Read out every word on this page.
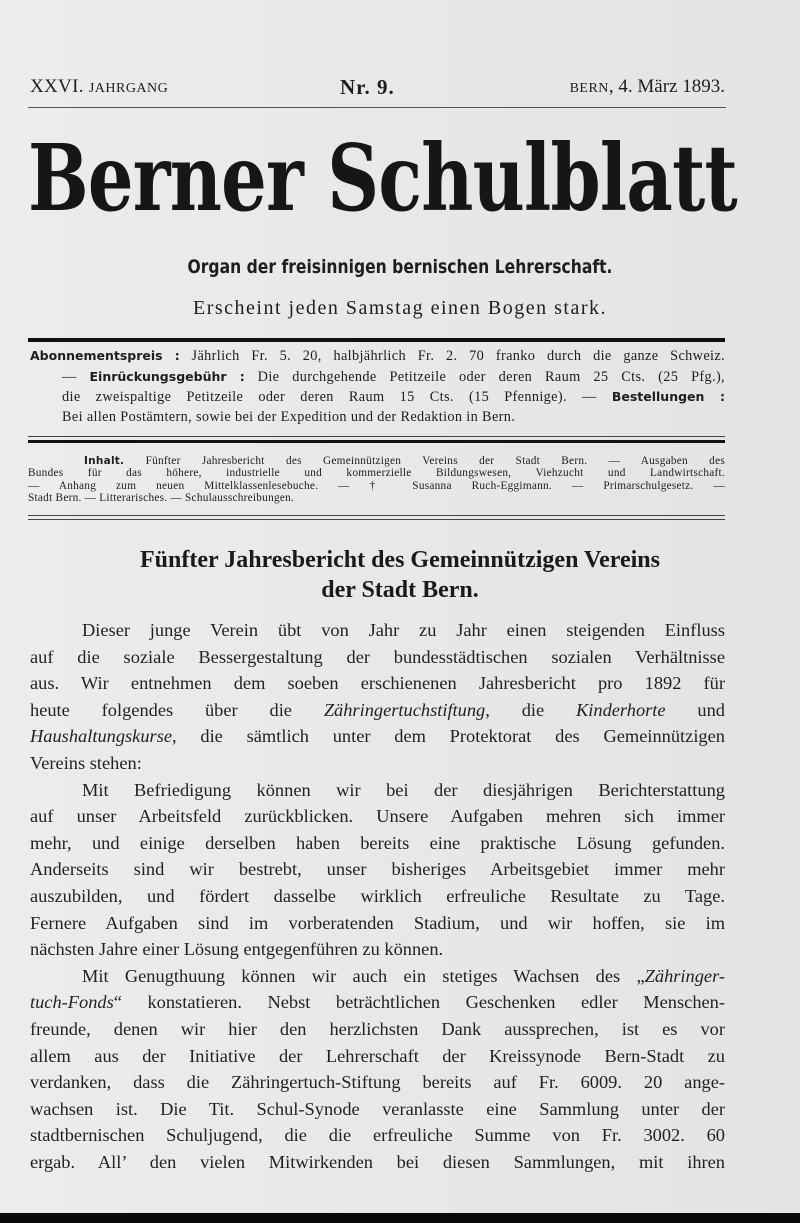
XXVI. JAHRGANG	Nr. 9.	BERN, 4. März 1893.
Berner Schulblatt
Organ der freisinnigen bernischen Lehrerschaft.
Erscheint jeden Samstag einen Bogen stark.
Abonnementspreis : Jährlich Fr. 5. 20, halbjährlich Fr. 2. 70 franko durch die ganze Schweiz.
— Einrückungsgebühr : Die durchgehende Petitzeile oder deren Raum 25 Cts. (25 Pfg.),
die zweispaltige Petitzeile oder deren Raum 15 Cts. (15 Pfennige). — Bestellungen :
Bei allen Postämtern, sowie bei der Expedition und der Redaktion in Bern.
Inhalt. Fünfter Jahresbericht des Gemeinnützigen Vereins der Stadt Bern. — Ausgaben des
Bundes für das höhere, industrielle und kommerzielle Bildungswesen, Viehzucht und Landwirtschaft.
— Anhang zum neuen Mittelklassenlesebuche. — † Susanna Ruch-Eggimann. — Primarschulgesetz. —
Stadt Bern. — Litterarisches. — Schulausschreibungen.
Fünfter Jahresbericht des Gemeinnützigen Vereins
der Stadt Bern.
Dieser junge Verein übt von Jahr zu Jahr einen steigenden Einfluss
auf die soziale Bessergestaltung der bundesstädtischen sozialen Verhältnisse
aus. Wir entnehmen dem soeben erschienenen Jahresbericht pro 1892 für
heute folgendes über die Zähringertuchstiftung, die Kinderhorte und
Haushaltungskurse, die sämtlich unter dem Protektorat des Gemeinnützigen
Vereins stehen:
Mit Befriedigung können wir bei der diesjährigen Berichterstattung
auf unser Arbeitsfeld zurückblicken. Unsere Aufgaben mehren sich immer
mehr, und einige derselben haben bereits eine praktische Lösung gefunden.
Anderseits sind wir bestrebt, unser bisheriges Arbeitsgebiet immer mehr
auszubilden, und fördert dasselbe wirklich erfreuliche Resultate zu Tage.
Fernere Aufgaben sind im vorberatenden Stadium, und wir hoffen, sie im
nächsten Jahre einer Lösung entgegenführen zu können.
Mit Genugthuung können wir auch ein stetiges Wachsen des „Zähringer-
tuch-Fonds“ konstatieren. Nebst beträchtlichen Geschenken edler Menschen-
freunde, denen wir hier den herzlichsten Dank aussprechen, ist es vor
allem aus der Initiative der Lehrerschaft der Kreissynode Bern-Stadt zu
verdanken, dass die Zähringertuch-Stiftung bereits auf Fr. 6009. 20 ange-
wachsen ist. Die Tit. Schul-Synode veranlasste eine Sammlung unter der
stadtbernischen Schuljugend, die die erfreuliche Summe von Fr. 3002. 60
ergab. All’ den vielen Mitwirkenden bei diesen Sammlungen, mit ihren
